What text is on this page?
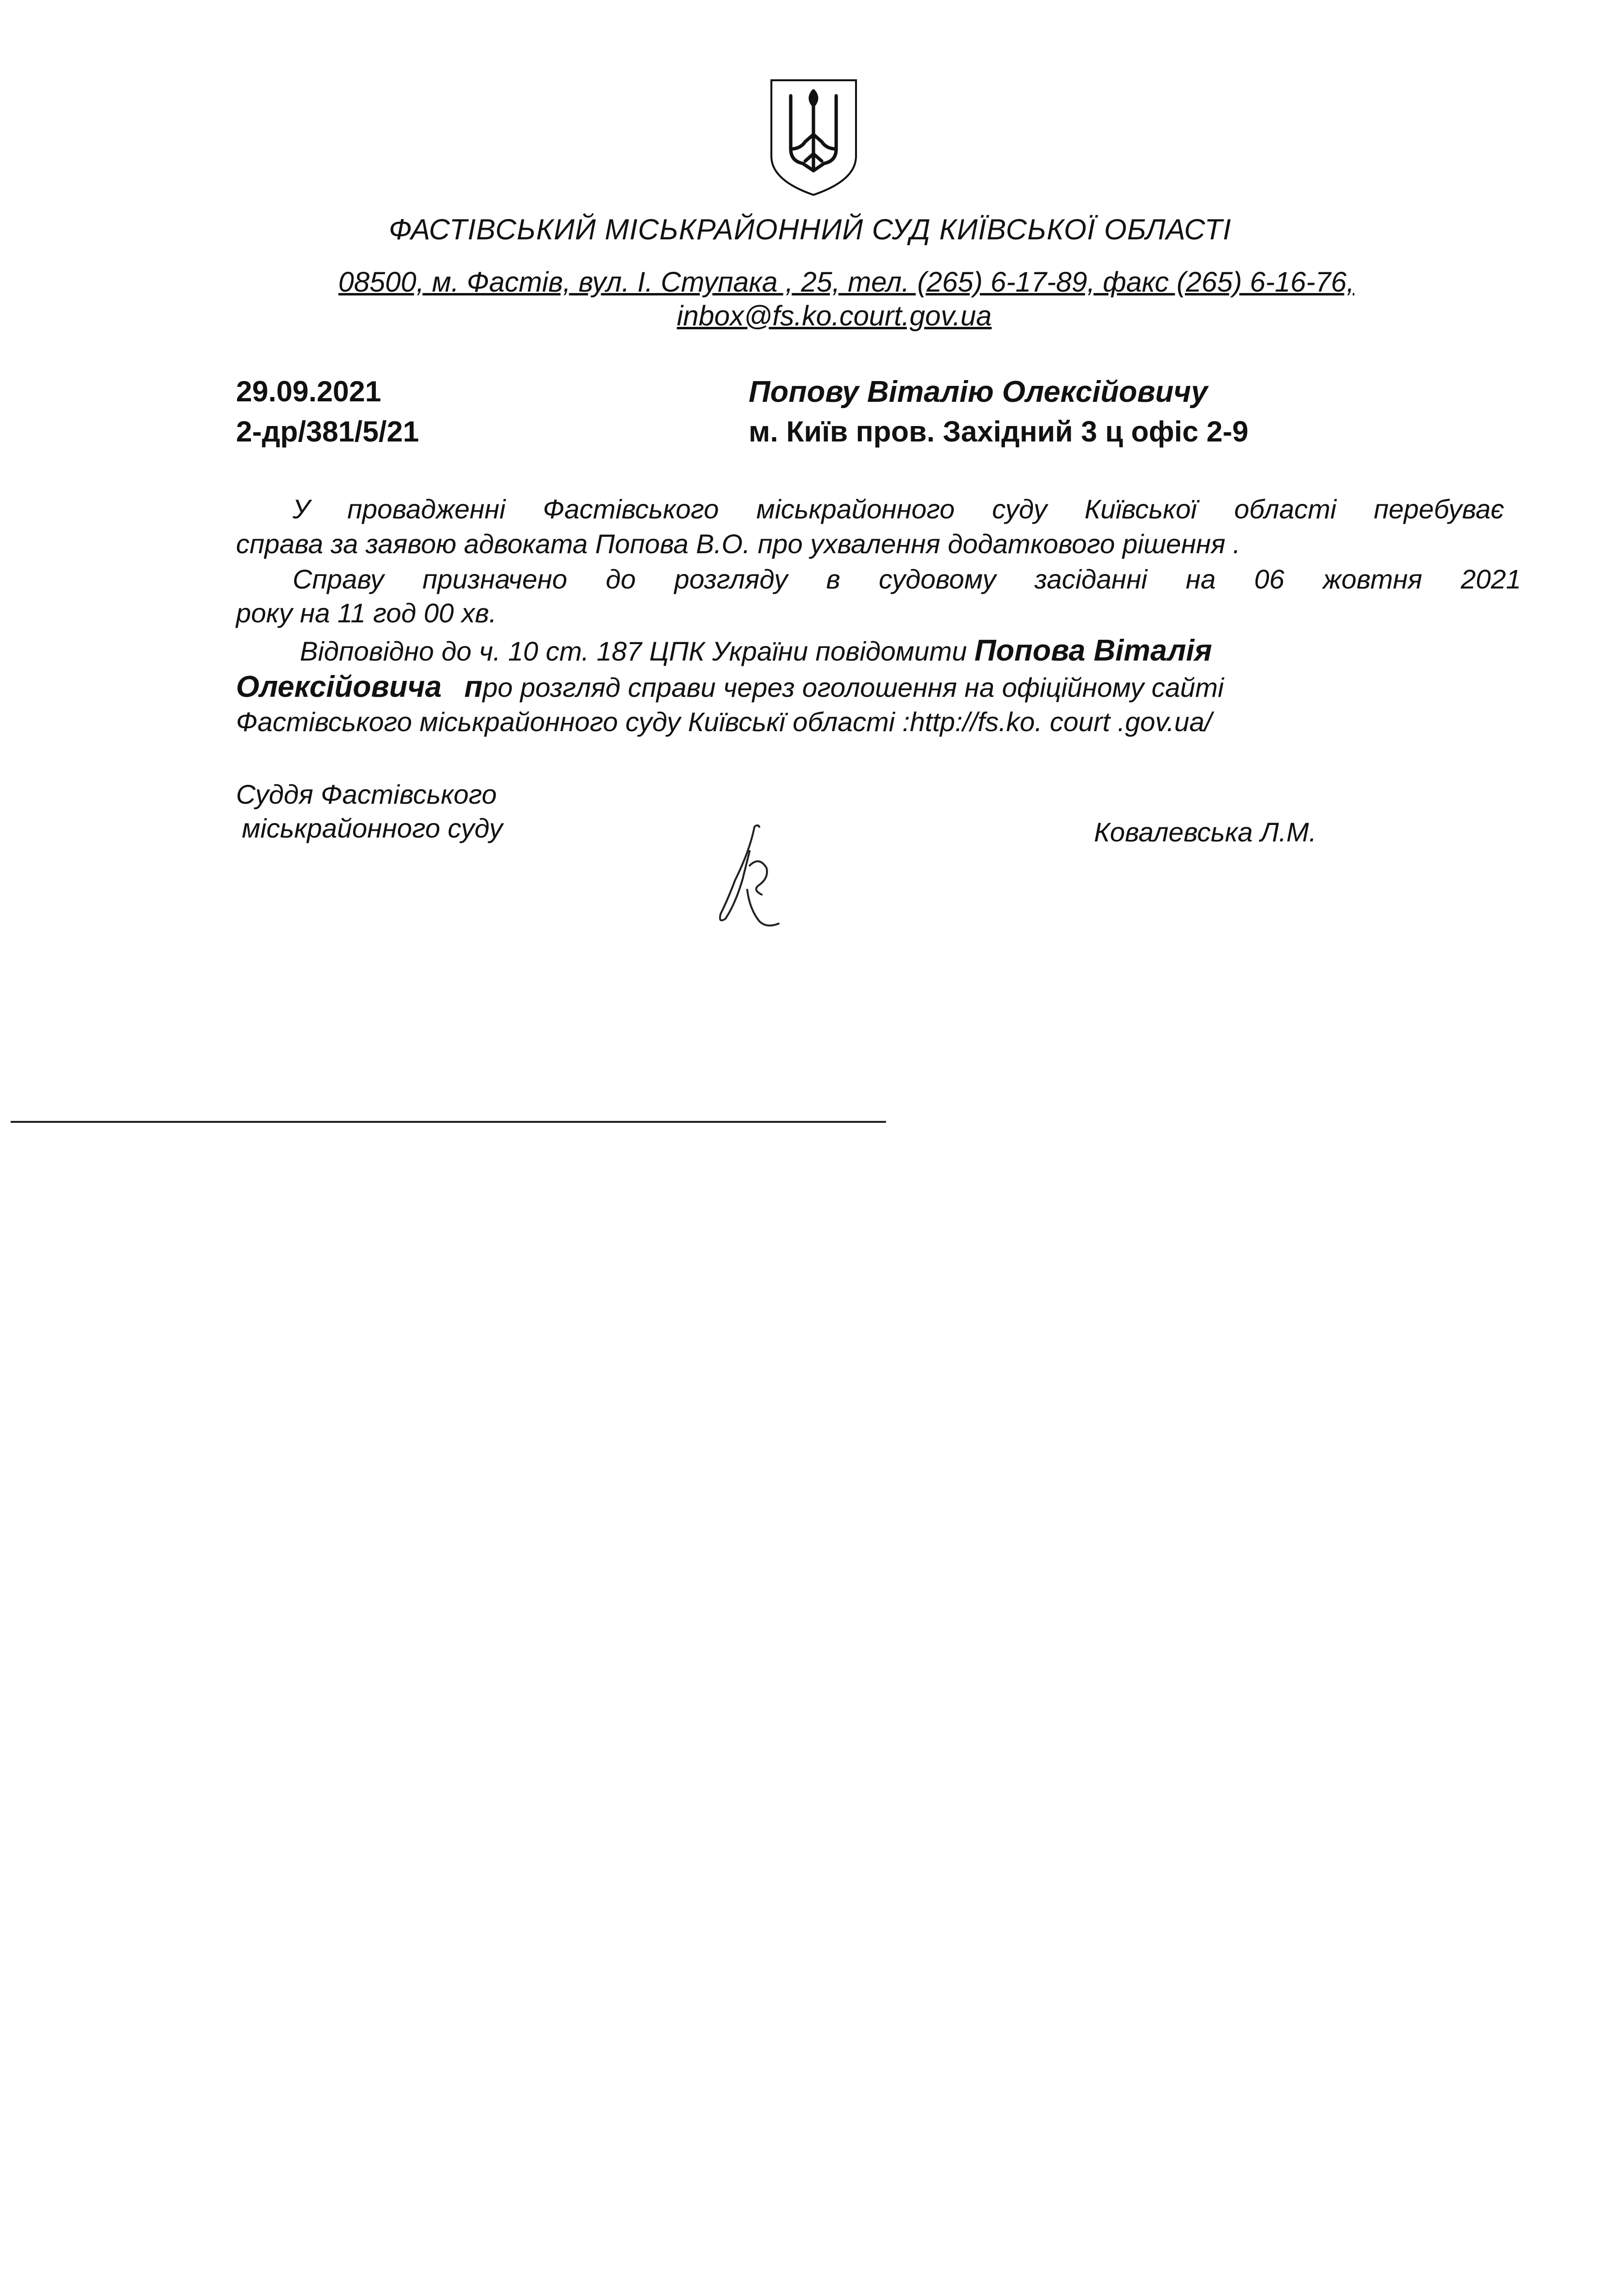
ФАСТІВСЬКИЙ МІСЬКРАЙОННИЙ СУД КИЇВСЬКОЇ ОБЛАСТІ
08500, м. Фастів, вул. І. Ступака , 25, тел. (265) 6-17-89, факс (265) 6-16-76,
inbox@fs.ko.court.gov.ua
29.09.2021
2-др/381/5/21
Попову Віталію Олексійовичу
м. Київ пров. Західний 3 ц офіс 2-9
У провадженні Фастівського міськрайонного суду Київської області перебуває
справа за заявою адвоката Попова В.О. про ухвалення додаткового рішення .
Справу призначено до розгляду в судовому засіданні на 06 жовтня 2021
року на 11 год 00 хв.
Відповідно до ч. 10 ст. 187 ЦПК України повідомити Попова Віталія
Олексійовича про розгляд справи через оголошення на офіційному сайті
Фастівського міськрайонного суду Київськї області :http://fs.ko. court .gov.ua/
Суддя Фастівського
міськрайонного суду	Ковалевська Л.М.
